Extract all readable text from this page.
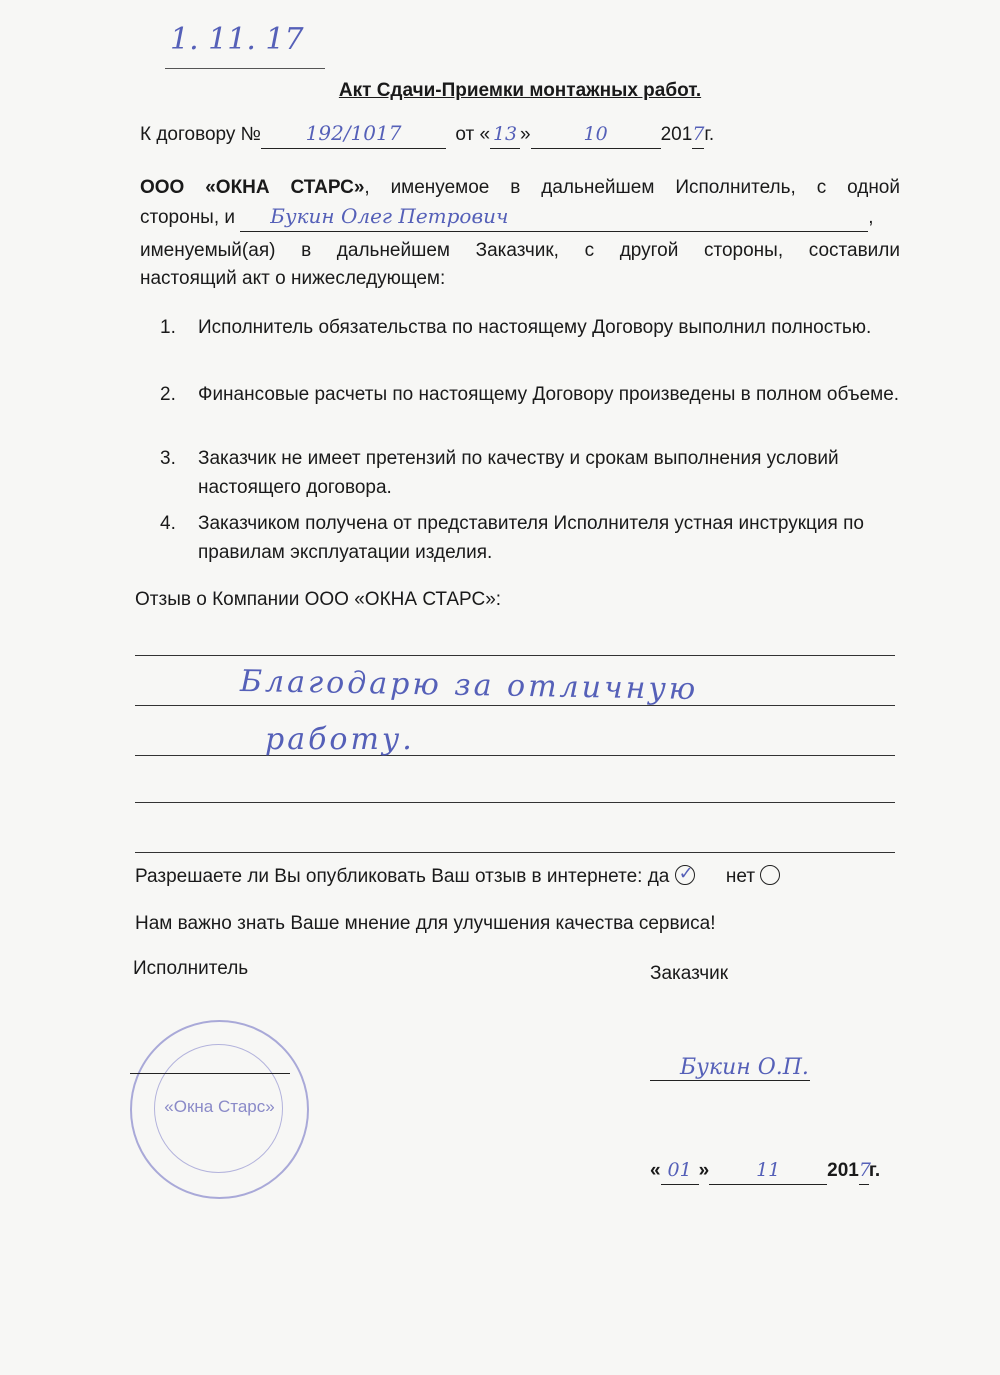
1. 11. 17
Акт Сдачи-Приемки монтажных работ.
К договору № 192/1017	от « 13 »	10	2017г.
ООО «ОКНА СТАРС», именуемое в дальнейшем Исполнитель, с одной
стороны, и Букин Олег Петрович	,
именуемый(ая) в дальнейшем Заказчик, с другой стороны, составили
настоящий акт о нижеследующем:
1.	Исполнитель обязательства по настоящему Договору выполнил полностью.
2.	Финансовые расчеты по настоящему Договору произведены в полном объеме.
3.	Заказчик не имеет претензий по качеству и срокам выполнения условий настоящего договора.
4.	Заказчиком получена от представителя Исполнителя устная инструкция по правилам эксплуатации изделия.
Отзыв о Компании ООО «ОКНА СТАРС»:
Благодарю за отличную
работу.
Разрешаете ли Вы опубликовать Ваш отзыв в интернете: да ✓ нет
Нам важно знать Ваше мнение для улучшения качества сервиса!
Исполнитель	Заказчик
«Окна Старс»
Букин О.П.
« 01 » 11 2017г.
